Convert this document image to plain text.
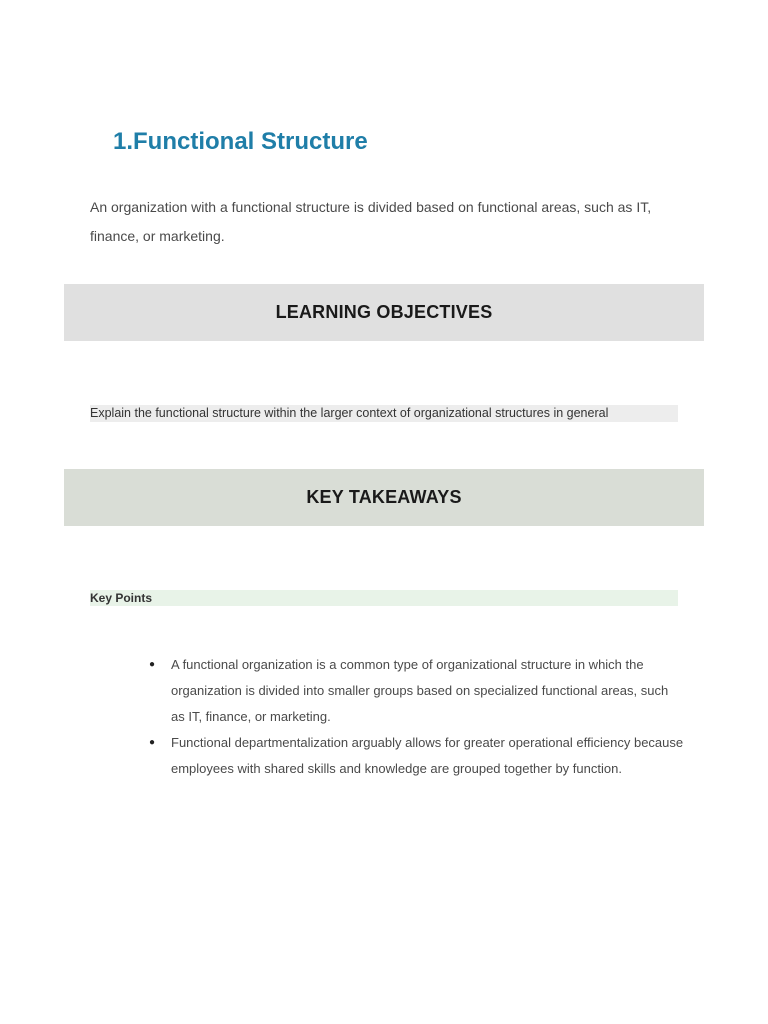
1.Functional Structure

An organization with a functional structure is divided based on functional areas, such as IT, finance, or marketing.

LEARNING OBJECTIVES
Explain the functional structure within the larger context of organizational structures in general
KEY TAKEAWAYS
Key Points
● A functional organization is a common type of organizational structure in which the organization is divided into smaller groups based on specialized functional areas, such as IT, finance, or marketing.
● Functional departmentalization arguably allows for greater operational efficiency because employees with shared skills and knowledge are grouped together by function.
